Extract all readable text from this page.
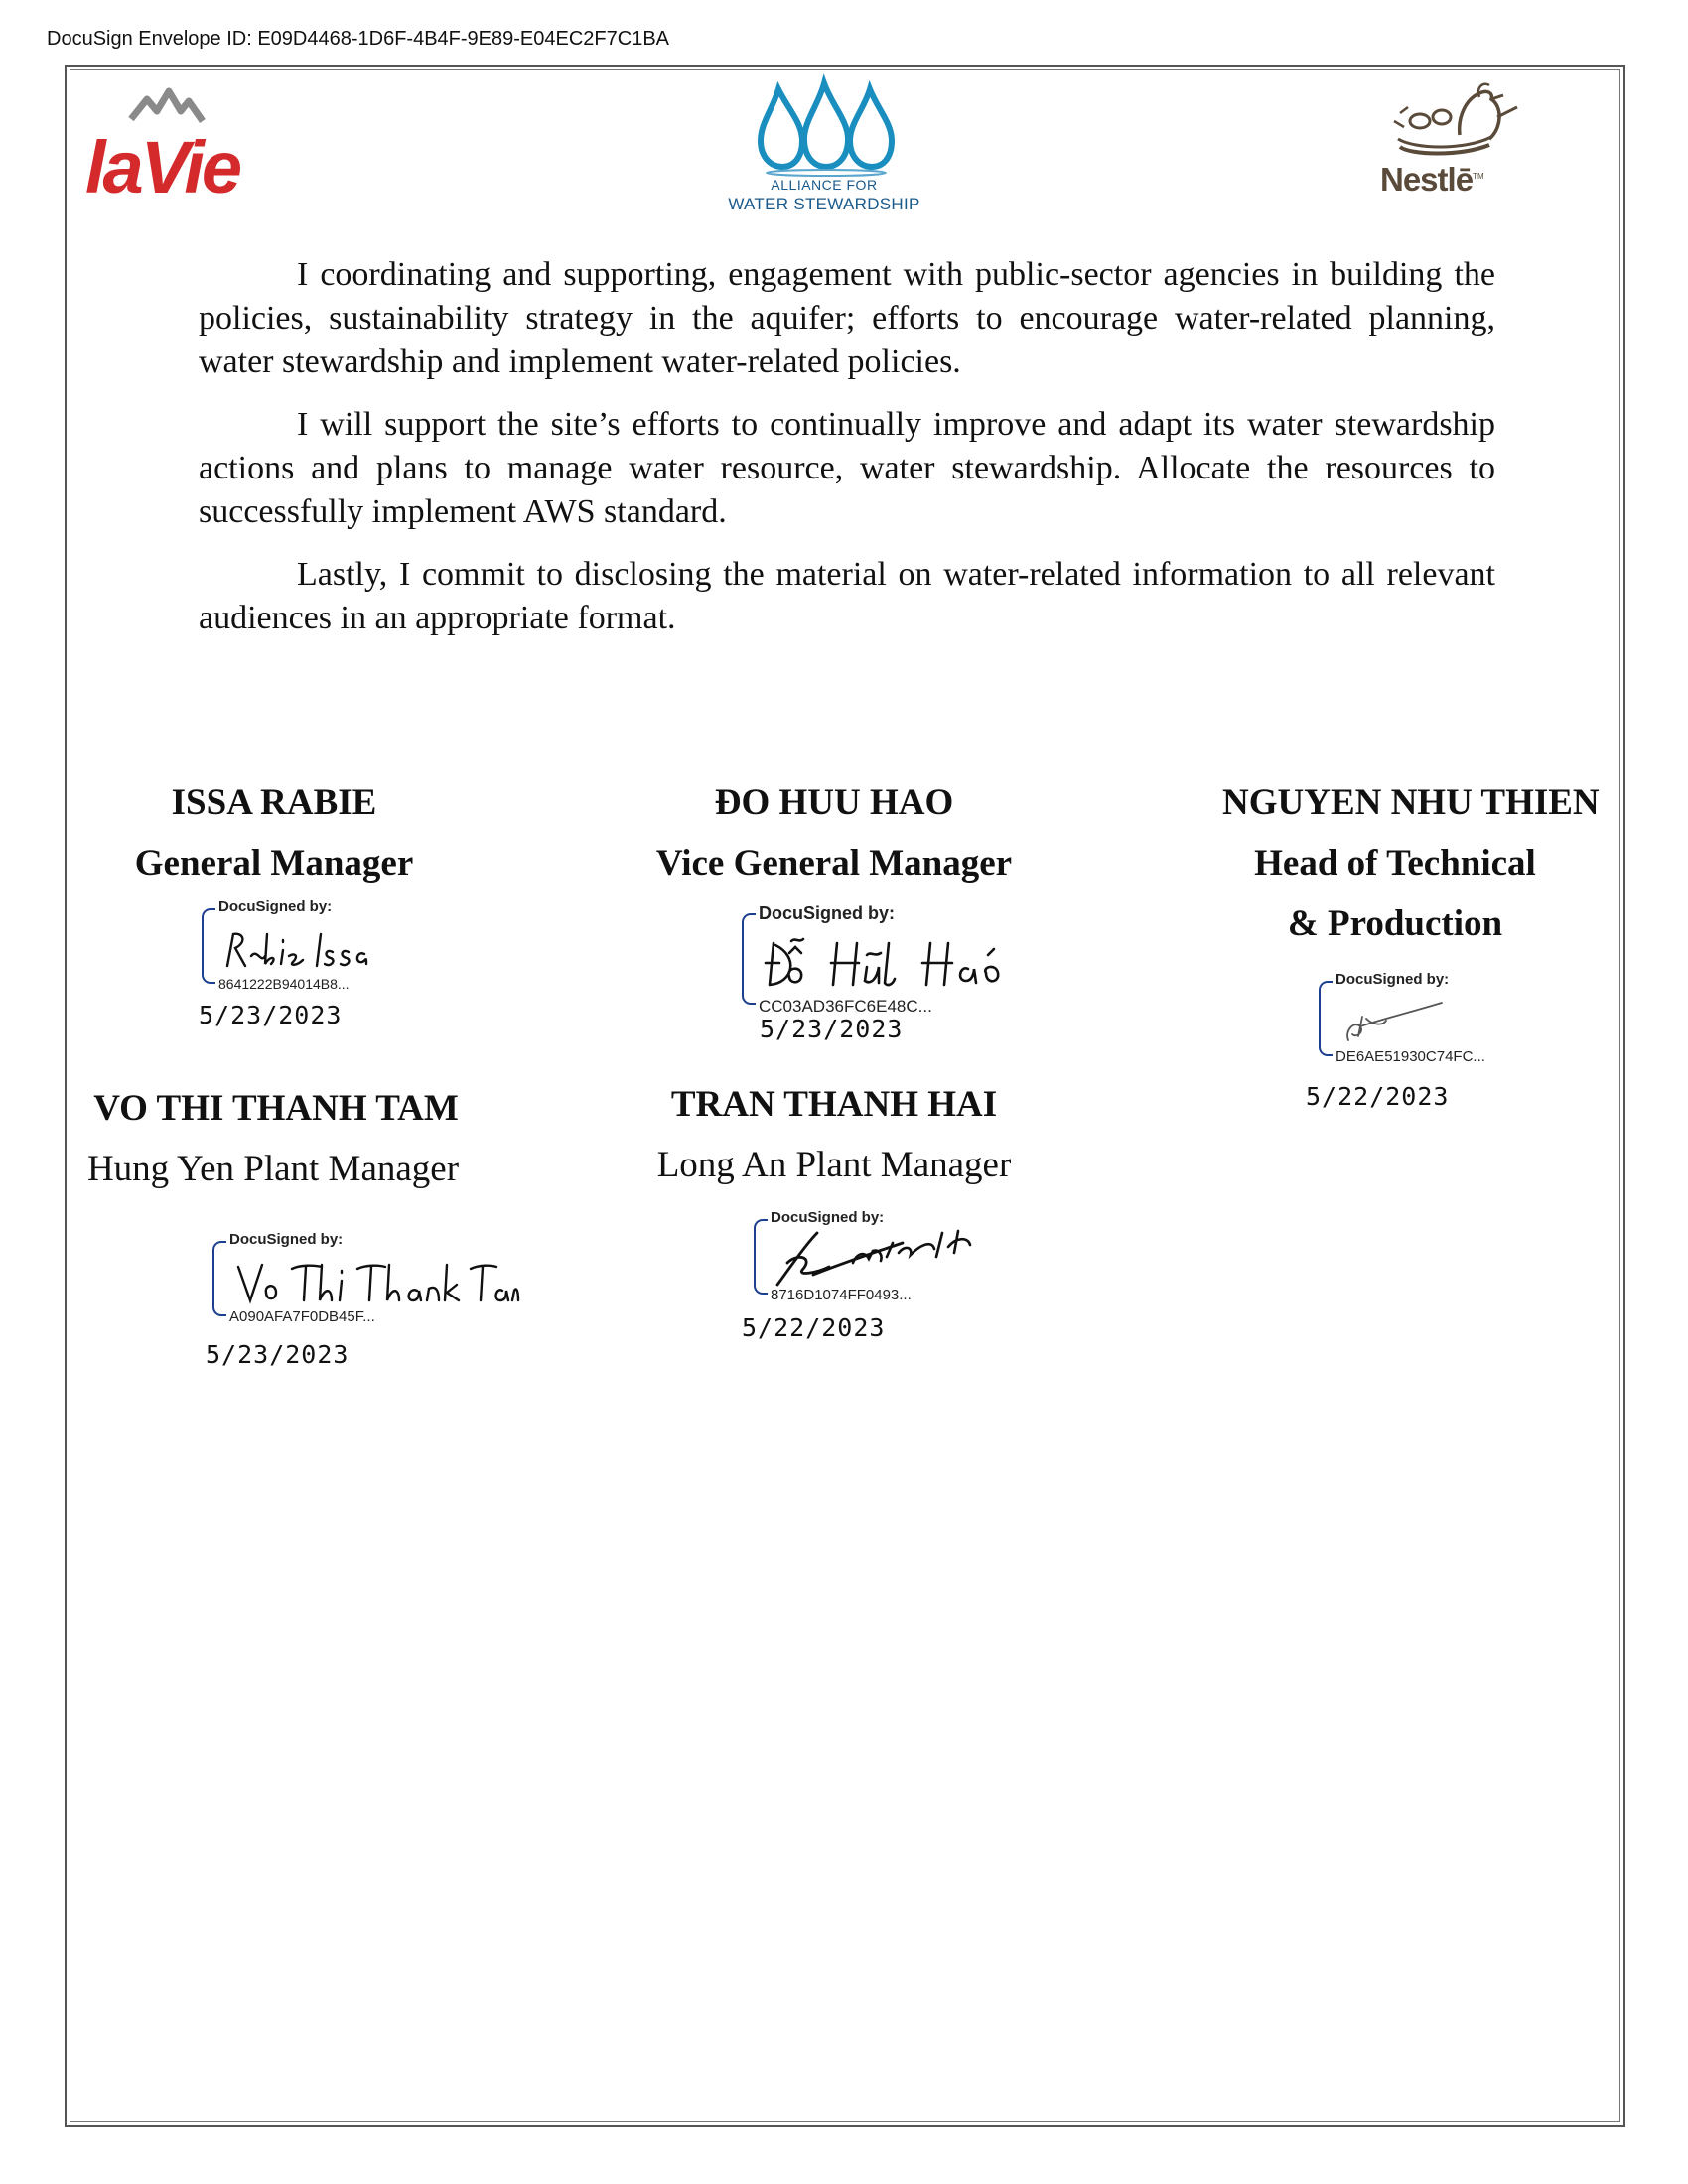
DocuSign Envelope ID: E09D4468-1D6F-4B4F-9E89-E04EC2F7C1BA
laVie	ALLIANCE FOR
WATER STEWARDSHIP
Nestlē™

I coordinating and supporting, engagement with public-sector agencies in building the policies, sustainability strategy in the aquifer; efforts to encourage water-related planning, water stewardship and implement water-related policies.

I will support the site’s efforts to continually improve and adapt its water stewardship actions and plans to manage water resource, water stewardship. Allocate the resources to successfully implement AWS standard.

Lastly, I commit to disclosing the material on water-related information to all relevant audiences in an appropriate format.

ISSA RABIE
General Manager
DocuSigned by:
8641222B94014B8...
5/23/2023
ĐO HUU HAO
Vice General Manager
DocuSigned by:
CC03AD36FC6E48C...
5/23/2023
NGUYEN NHU THIEN
Head of Technical
& Production
DocuSigned by:
DE6AE51930C74FC...
5/22/2023
VO THI THANH TAM
Hung Yen Plant Manager
DocuSigned by:
A090AFA7F0DB45F...
5/23/2023
TRAN THANH HAI
Long An Plant Manager
DocuSigned by:
8716D1074FF0493...
5/22/2023
